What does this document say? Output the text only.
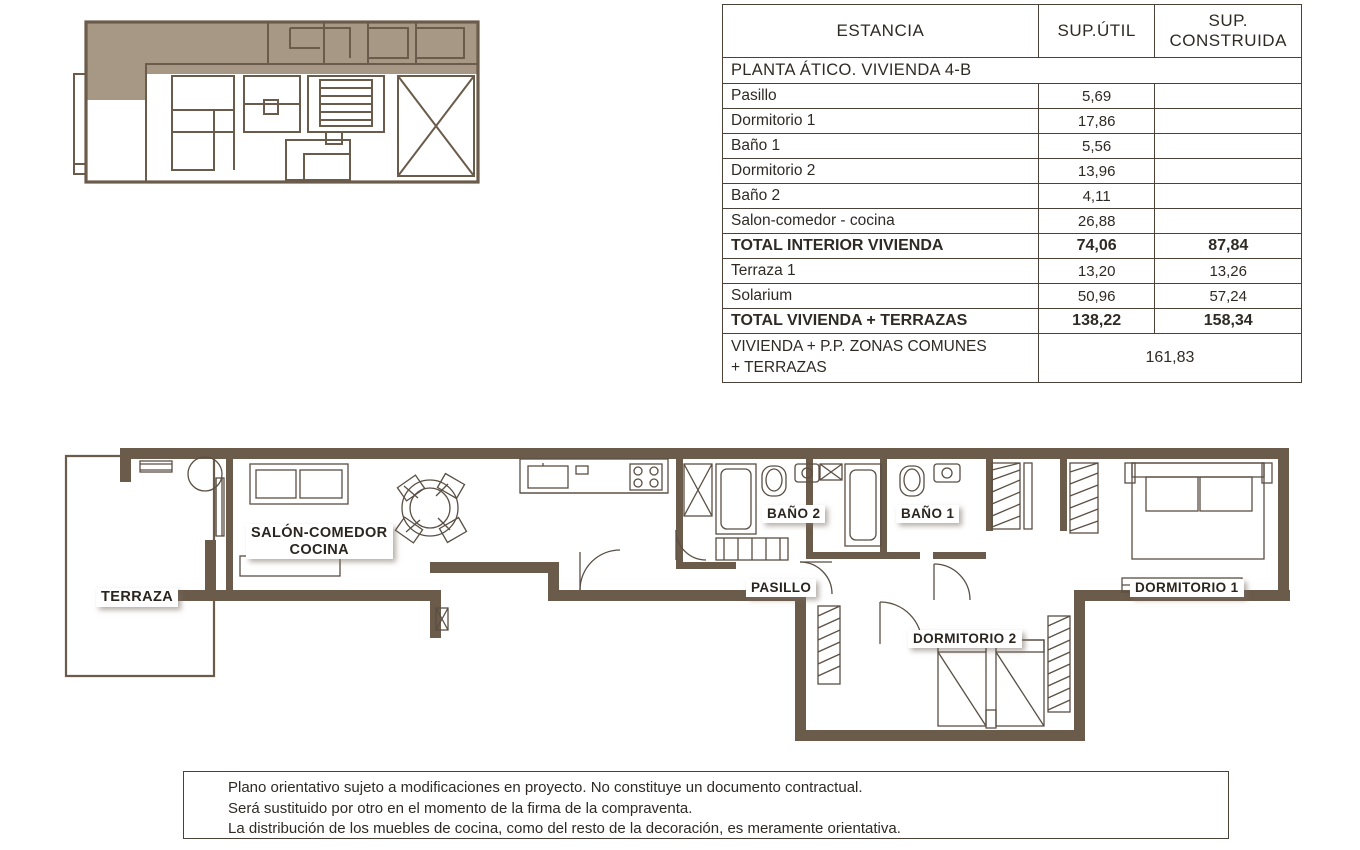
ESTANCIA	SUP.ÚTIL	SUP.
CONSTRUIDA
PLANTA ÁTICO. VIVIENDA 4-B		
Pasillo	5,69	
Dormitorio 1	17,86	
Baño 1	5,56	
Dormitorio 2	13,96	
Baño 2	4,11	
Salon-comedor - cocina	26,88	
TOTAL INTERIOR VIVIENDA	74,06	87,84
Terraza 1	13,20	13,26
Solarium	50,96	57,24
TOTAL VIVIENDA + TERRAZAS	138,22	158,34
VIVIENDA + P.P. ZONAS COMUNES
+ TERRAZAS	161,83	
TERRAZA
SALÓN-COMEDOR
COCINA
BAÑO 2	BAÑO 1
PASILLO
DORMITORIO 2
DORMITORIO 1
Plano orientativo sujeto a modificaciones en proyecto. No constituye un documento contractual.
Será sustituido por otro en el momento de la firma de la compraventa.
La distribución de los muebles de cocina, como del resto de la decoración, es meramente orientativa.
